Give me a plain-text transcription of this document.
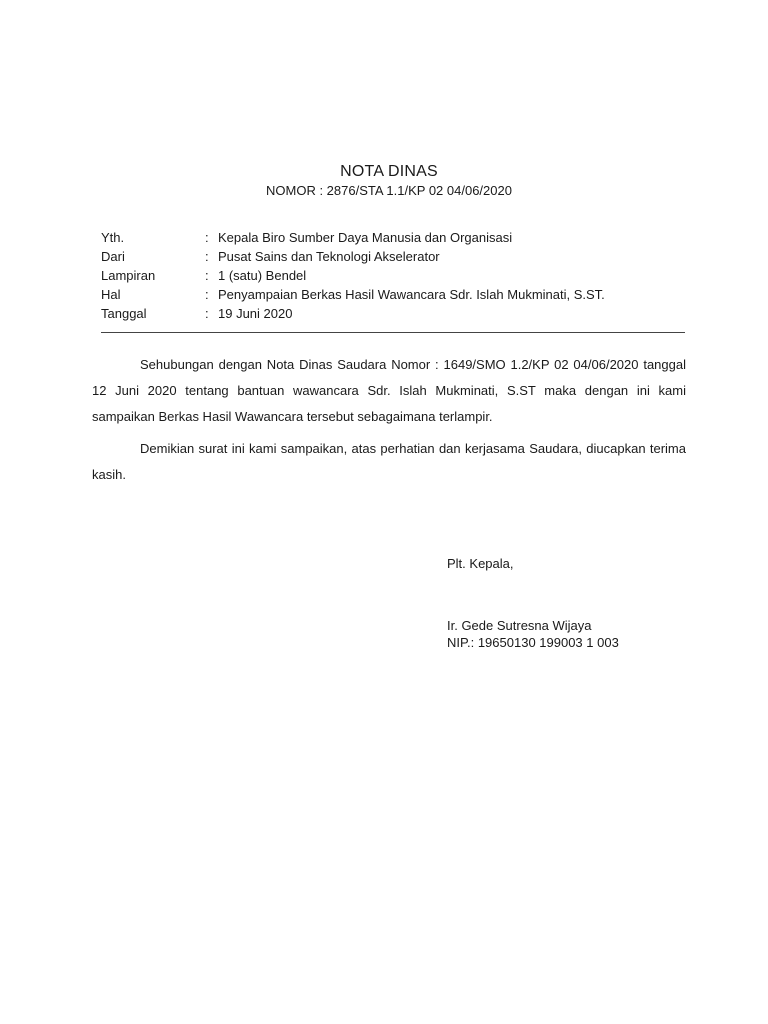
NOTA DINAS
NOMOR : 2876/STA 1.1/KP 02 04/06/2020
Yth.	: Kepala Biro Sumber Daya Manusia dan Organisasi
Dari	: Pusat Sains dan Teknologi Akselerator
Lampiran	: 1 (satu) Bendel
Hal	: Penyampaian Berkas Hasil Wawancara Sdr. Islah Mukminati, S.ST.
Tanggal	: 19 Juni 2020

Sehubungan dengan Nota Dinas Saudara Nomor : 1649/SMO 1.2/KP 02 04/06/2020 tanggal 12 Juni 2020 tentang bantuan wawancara Sdr. Islah Mukminati, S.ST maka dengan ini kami sampaikan Berkas Hasil Wawancara tersebut sebagaimana terlampir.

Demikian surat ini kami sampaikan, atas perhatian dan kerjasama Saudara, diucapkan terima kasih.

Plt. Kepala,
Ir. Gede Sutresna Wijaya
NIP.: 19650130 199003 1 003
